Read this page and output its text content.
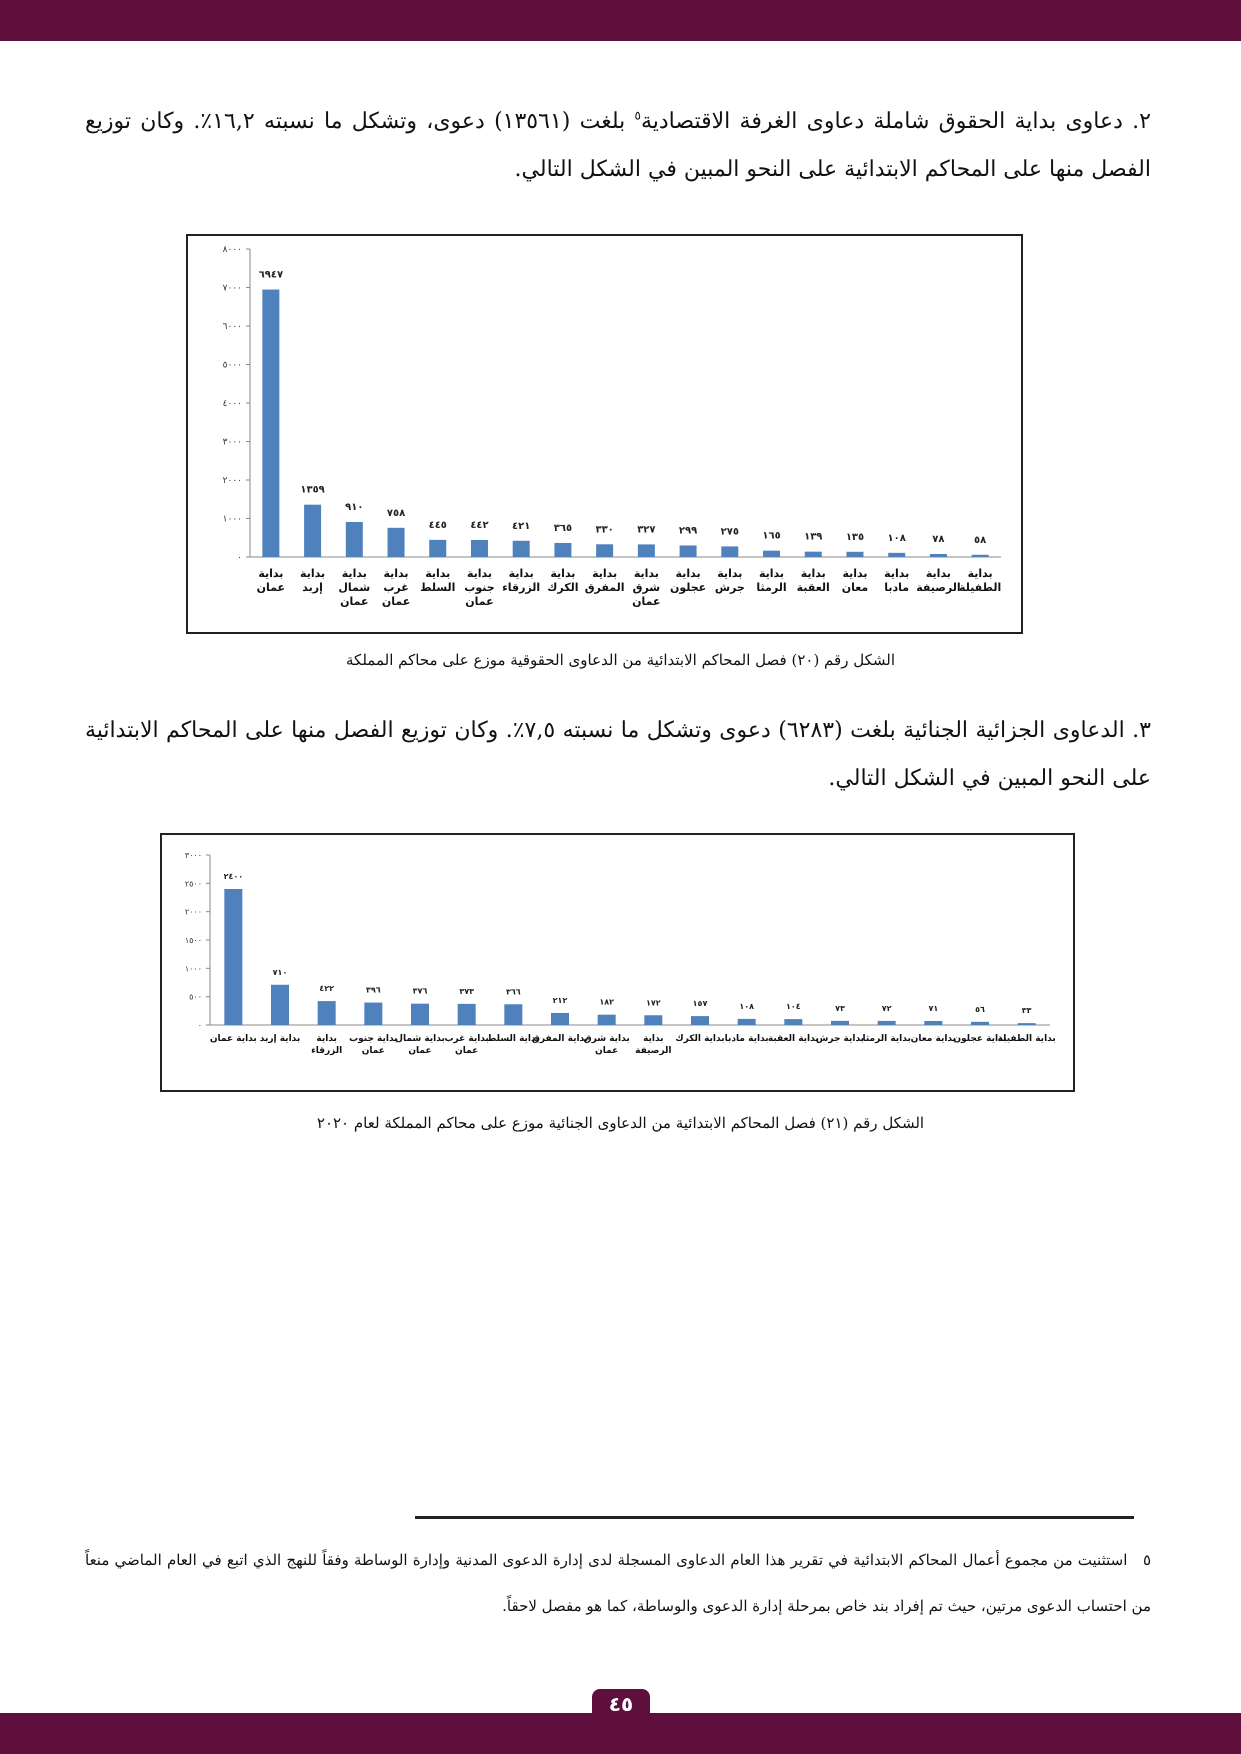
٢. دعاوى بداية الحقوق شاملة دعاوى الغرفة الاقتصادية$^٥$ بلغت (١٣٥٦١) دعوى، وتشكل ما نسبته ١٦,٢٪. وكان توزيع الفصل منها على المحاكم الابتدائية على النحو المبين في الشكل التالي.

٠
١٠٠٠
٢٠٠٠
٣٠٠٠
٤٠٠٠
٥٠٠٠
٦٠٠٠
٧٠٠٠
٨٠٠٠
٦٩٤٧
بداية عمان
١٣٥٩
بداية إربد
٩١٠
بداية شمال عمان
٧٥٨
بداية غرب عمان
٤٤٥
بداية السلط
٤٤٢
بداية جنوب عمان
٤٢١
بداية الزرقاء
٣٦٥
بداية الكرك
٣٣٠
بداية المفرق
٣٢٧
بداية شرق عمان
٢٩٩
بداية عجلون
٢٧٥
بداية جرش
١٦٥
بداية الرمثا
١٣٩
بداية العقبة
١٣٥
بداية معان
١٠٨
بداية مادبا
٧٨
بداية الرصيفة
٥٨
بداية الطفيلة
الشكل رقم (٢٠) فصل المحاكم الابتدائية من الدعاوى الحقوقية موزع على محاكم المملكة

٣. الدعاوى الجزائية الجنائية بلغت (٦٢٨٣) دعوى وتشكل ما نسبته ٧,٥٪. وكان توزيع الفصل منها على المحاكم الابتدائية على النحو المبين في الشكل التالي.

٠
٥٠٠
١٠٠٠
١٥٠٠
٢٠٠٠
٢٥٠٠
٣٠٠٠
٢٤٠٠
بداية عمان
٧١٠
بداية إربد
٤٢٢
بداية الزرقاء
٣٩٦
بداية جنوب عمان
٣٧٦
بداية شمال عمان
٣٧٣
بداية غرب عمان
٣٦٦
بداية السلط
٢١٢
بداية المفرق
١٨٢
بداية شرق عمان
١٧٢
بداية الرصيفة
١٥٧
بداية الكرك
١٠٨
بداية مادبا
١٠٤
بداية العقبة
٧٣
بداية جرش
٧٢
بداية الرمثا
٧١
بداية معان
٥٦
بداية عجلون
٣٣
بداية الطفيلة
الشكل رقم (٢١) فصل المحاكم الابتدائية من الدعاوى الجنائية موزع على محاكم المملكة لعام ٢٠٢٠

٥   استثنيت من مجموع أعمال المحاكم الابتدائية في تقرير هذا العام الدعاوى المسجلة لدى إدارة الدعوى المدنية وإدارة الوساطة وفقاً للنهج الذي اتبع في العام الماضي منعاً من احتساب الدعوى مرتين، حيث تم إفراد بند خاص بمرحلة إدارة الدعوى والوساطة، كما هو مفصل لاحقاً.

٤٥
